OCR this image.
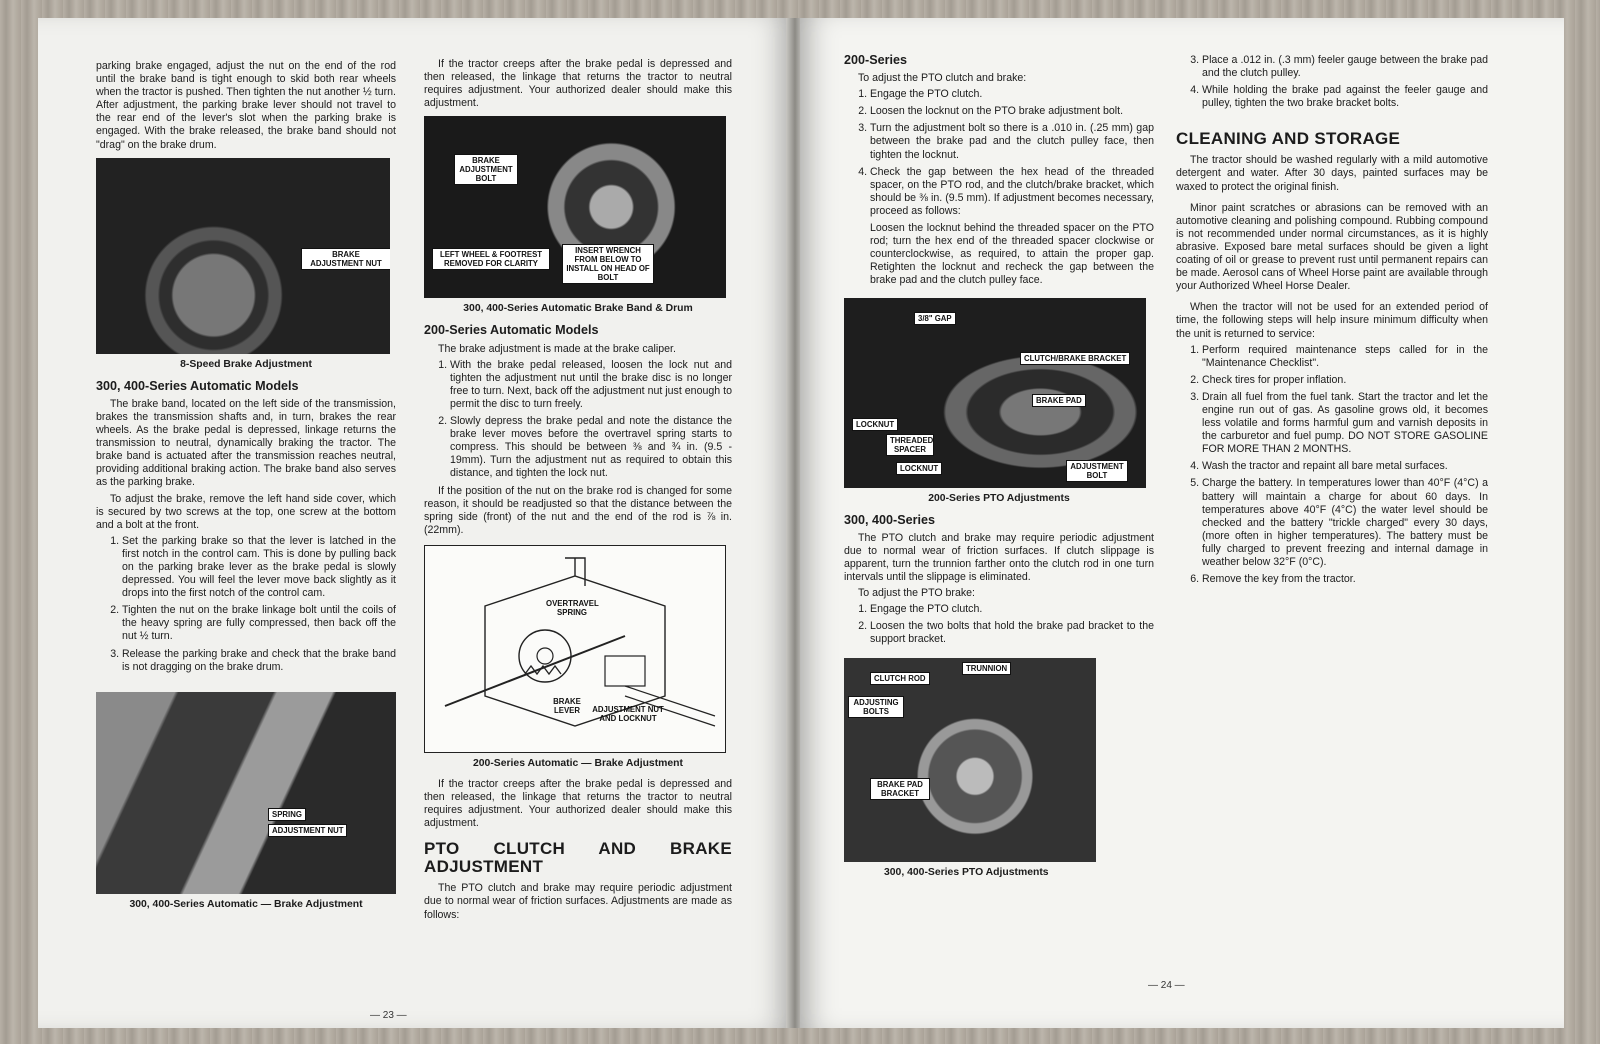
parking brake engaged, adjust the nut on the end of the rod until the brake band is tight enough to skid both rear wheels when the tractor is pushed. Then tighten the nut another ½ turn. After adjustment, the parking brake lever should not travel to the rear end of the lever's slot when the parking brake is engaged. With the brake released, the brake band should not "drag" on the brake drum.

BRAKE ADJUSTMENT NUT
8-Speed Brake Adjustment
300, 400-Series Automatic Models

The brake band, located on the left side of the transmission, brakes the transmission shafts and, in turn, brakes the rear wheels. As the brake pedal is depressed, linkage returns the transmission to neutral, dynamically braking the tractor. The brake band is actuated after the transmission reaches neutral, providing additional braking action. The brake band also serves as the parking brake.

To adjust the brake, remove the left hand side cover, which is secured by two screws at the top, one screw at the bottom and a bolt at the front.

1. Set the parking brake so that the lever is latched in the first notch in the control cam. This is done by pulling back on the parking brake lever as the brake pedal is slowly depressed. You will feel the lever move back slightly as it drops into the first notch of the control cam.
2. Tighten the nut on the brake linkage bolt until the coils of the heavy spring are fully compressed, then back off the nut ½ turn.
3. Release the parking brake and check that the brake band is not dragging on the brake drum.
SPRING
ADJUSTMENT NUT
300, 400-Series Automatic — Brake Adjustment

If the tractor creeps after the brake pedal is depressed and then released, the linkage that returns the tractor to neutral requires adjustment. Your authorized dealer should make this adjustment.

BRAKE ADJUSTMENT BOLT
LEFT WHEEL & FOOTREST REMOVED FOR CLARITY
INSERT WRENCH FROM BELOW TO INSTALL ON HEAD OF BOLT
300, 400-Series Automatic Brake Band & Drum
200-Series Automatic Models

The brake adjustment is made at the brake caliper.

1. With the brake pedal released, loosen the lock nut and tighten the adjustment nut until the brake disc is no longer free to turn. Next, back off the adjustment nut just enough to permit the disc to turn freely.
2. Slowly depress the brake pedal and note the distance the brake lever moves before the overtravel spring starts to compress. This should be between ⅜ and ¾ in. (9.5 - 19mm). Turn the adjustment nut as required to obtain this distance, and tighten the lock nut.

If the position of the nut on the brake rod is changed for some reason, it should be readjusted so that the distance between the spring side (front) of the nut and the end of the rod is ⅞ in. (22mm).

OVERTRAVEL SPRING
BRAKE LEVER	ADJUSTMENT NUT AND LOCKNUT
200-Series Automatic — Brake Adjustment

If the tractor creeps after the brake pedal is depressed and then released, the linkage that returns the tractor to neutral requires adjustment. Your authorized dealer should make this adjustment.

PTO CLUTCH AND BRAKE ADJUSTMENT

The PTO clutch and brake may require periodic adjustment due to normal wear of friction surfaces. Adjustments are made as follows:

— 23 —
200-Series

To adjust the PTO clutch and brake:

1. Engage the PTO clutch.
2. Loosen the locknut on the PTO brake adjustment bolt.
3. Turn the adjustment bolt so there is a .010 in. (.25 mm) gap between the brake pad and the clutch pulley face, then tighten the locknut.
4. Check the gap between the hex head of the threaded spacer, on the PTO rod, and the clutch/brake bracket, which should be ⅜ in. (9.5 mm). If adjustment becomes necessary, proceed as follows:

Loosen the locknut behind the threaded spacer on the PTO rod; turn the hex end of the threaded spacer clockwise or counterclockwise, as required, to attain the proper gap. Retighten the locknut and recheck the gap between the brake pad and the clutch pulley face.

3/8" GAP
CLUTCH/BRAKE BRACKET
BRAKE PAD
LOCKNUT
THREADED SPACER
LOCKNUT	ADJUSTMENT BOLT
200-Series PTO Adjustments
300, 400-Series

The PTO clutch and brake may require periodic adjustment due to normal wear of friction surfaces. If clutch slippage is apparent, turn the trunnion farther onto the clutch rod in one turn intervals until the slippage is eliminated.

To adjust the PTO brake:

1. Engage the PTO clutch.
2. Loosen the two bolts that hold the brake pad bracket to the support bracket.
CLUTCH ROD
TRUNNION
ADJUSTING BOLTS
BRAKE PAD BRACKET
300, 400-Series PTO Adjustments
3. Place a .012 in. (.3 mm) feeler gauge between the brake pad and the clutch pulley.
4. While holding the brake pad against the feeler gauge and pulley, tighten the two brake bracket bolts.
CLEANING AND STORAGE

The tractor should be washed regularly with a mild automotive detergent and water. After 30 days, painted surfaces may be waxed to protect the original finish.

Minor paint scratches or abrasions can be removed with an automotive cleaning and polishing compound. Rubbing compound is not recommended under normal circumstances, as it is highly abrasive. Exposed bare metal surfaces should be given a light coating of oil or grease to prevent rust until permanent repairs can be made. Aerosol cans of Wheel Horse paint are available through your Authorized Wheel Horse Dealer.

When the tractor will not be used for an extended period of time, the following steps will help insure minimum difficulty when the unit is returned to service:

1. Perform required maintenance steps called for in the "Maintenance Checklist".
2. Check tires for proper inflation.
3. Drain all fuel from the fuel tank. Start the tractor and let the engine run out of gas. As gasoline grows old, it becomes less volatile and forms harmful gum and varnish deposits in the carburetor and fuel pump. DO NOT STORE GASOLINE FOR MORE THAN 2 MONTHS.
4. Wash the tractor and repaint all bare metal surfaces.
5. Charge the battery. In temperatures lower than 40°F (4°C) a battery will maintain a charge for about 60 days. In temperatures above 40°F (4°C) the water level should be checked and the battery "trickle charged" every 30 days, (more often in higher temperatures). The battery must be fully charged to prevent freezing and internal damage in weather below 32°F (0°C).
6. Remove the key from the tractor.
— 24 —
